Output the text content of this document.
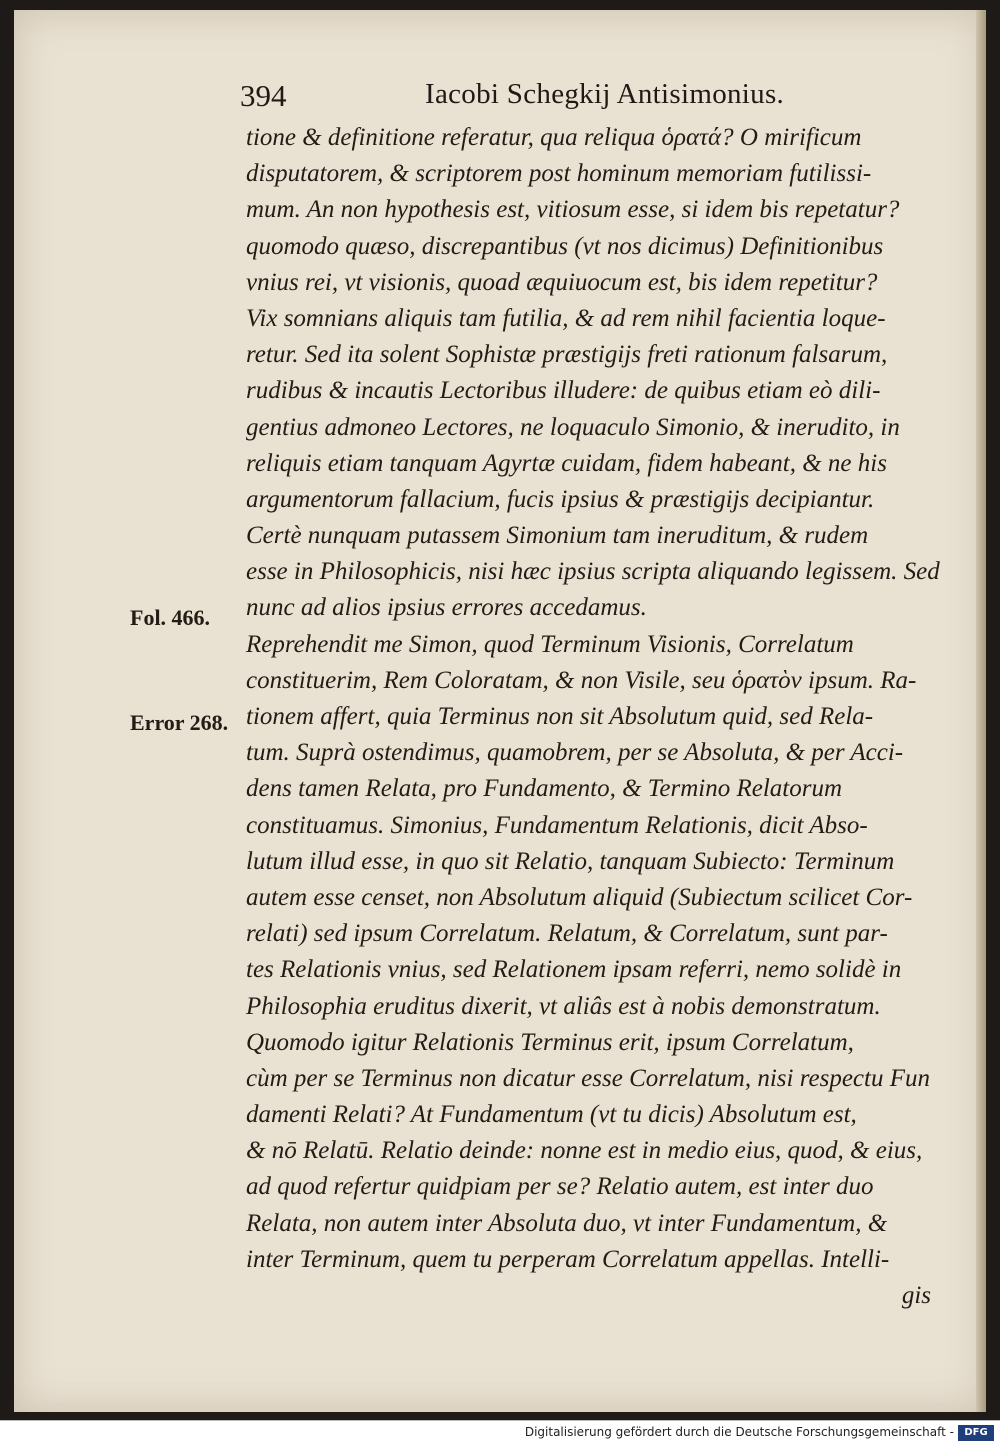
394	Iacobi Schegkij Antisimonius.
Fol. 466.
Error 268.
tione & definitione referatur, qua reliqua ὁρατά? O mirificum
disputatorem, & scriptorem post hominum memoriam futilissi-
mum. An non hypothesis est, vitiosum esse, si idem bis repetatur?
quomodo quæso, discrepantibus (vt nos dicimus) Definitionibus
vnius rei, vt visionis, quoad æquiuocum est, bis idem repetitur?
Vix somnians aliquis tam futilia, & ad rem nihil facientia loque-
retur. Sed ita solent Sophistæ præstigijs freti rationum falsarum,
rudibus & incautis Lectoribus illudere: de quibus etiam eò dili-
gentius admoneo Lectores, ne loquaculo Simonio, & inerudito, in
reliquis etiam tanquam Agyrtæ cuidam, fidem habeant, & ne his
argumentorum fallacium, fucis ipsius & præstigijs decipiantur.
Certè nunquam putassem Simonium tam ineruditum, & rudem
esse in Philosophicis, nisi hæc ipsius scripta aliquando legissem. Sed
nunc ad alios ipsius errores accedamus.
Reprehendit me Simon, quod Terminum Visionis, Correlatum
constituerim, Rem Coloratam, & non Visile, seu ὁρατὸν ipsum. Ra-
tionem affert, quia Terminus non sit Absolutum quid, sed Rela-
tum. Suprà ostendimus, quamobrem, per se Absoluta, & per Acci-
dens tamen Relata, pro Fundamento, & Termino Relatorum
constituamus. Simonius, Fundamentum Relationis, dicit Abso-
lutum illud esse, in quo sit Relatio, tanquam Subiecto: Terminum
autem esse censet, non Absolutum aliquid (Subiectum scilicet Cor-
relati) sed ipsum Correlatum. Relatum, & Correlatum, sunt par-
tes Relationis vnius, sed Relationem ipsam referri, nemo solidè in
Philosophia eruditus dixerit, vt aliâs est à nobis demonstratum.
Quomodo igitur Relationis Terminus erit, ipsum Correlatum,
cùm per se Terminus non dicatur esse Correlatum, nisi respectu Fun
damenti Relati? At Fundamentum (vt tu dicis) Absolutum est,
& nō Relatū. Relatio deinde: nonne est in medio eius, quod, & eius,
ad quod refertur quidpiam per se? Relatio autem, est inter duo
Relata, non autem inter Absoluta duo, vt inter Fundamentum, &
inter Terminum, quem tu perperam Correlatum appellas. Intelli-
gis
Digitalisierung gefördert durch die Deutsche Forschungsgemeinschaft -	DFG
